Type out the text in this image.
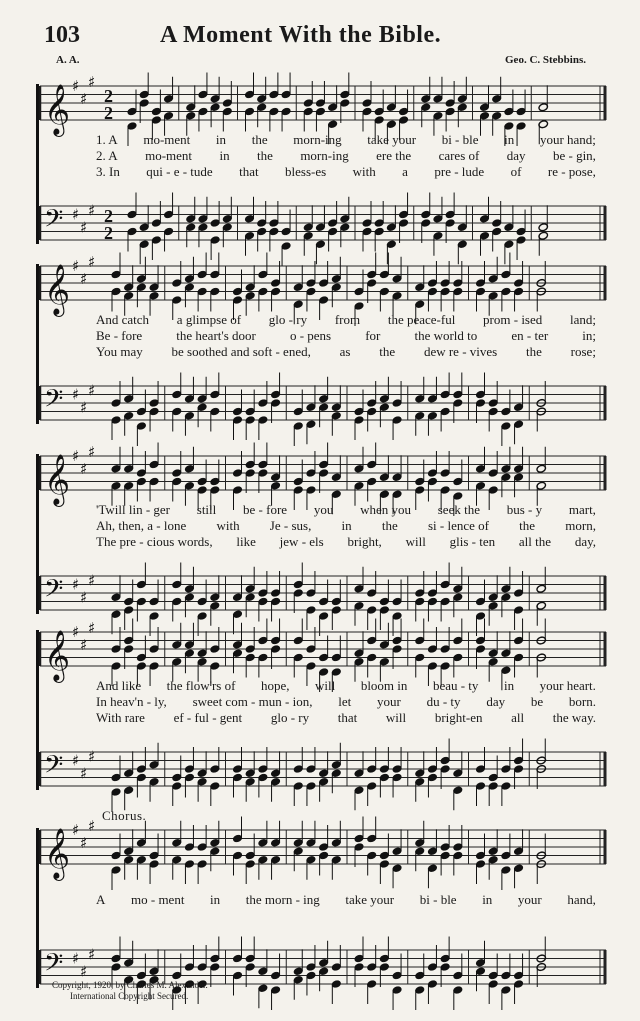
103	A Moment With the Bible.
A. A.	Geo. C. Stebbins.
𝄞 ♯
♯
♯
2
2
𝄢 ♯
♯
♯ 2
2
1. A mo-ment in the morn-ing take your bi - ble in your hand;
2. A mo-ment in the morn-ing ere the cares of day be - gin,
3. In qui - e - tude that bless-es with a pre - lude of re - pose,
𝄞 ♯
♯
♯
𝄢 ♯
♯
♯
And catch a glimpse of glo - ry from the peace-ful prom - ised land;
Be - fore	the heart's door	o - pens	for	the world to	en - ter	in;
You may be soothed and soft - ened, as the dew re - vives the rose;
𝄞 ♯
♯
♯
𝄢 ♯
♯
♯
'Twill lin - ger still be - fore you when you seek the bus - y mart,
Ah, then, a - lone with Je - sus, in the si - lence of the morn,
The pre - cious words, like jew - els bright, will glis - ten all the day,
𝄞 ♯
♯
♯
𝄢 ♯
♯
♯
And like the flow'rs of hope, will bloom in beau - ty in your heart.
In heav'n - ly, sweet com - mun - ion, let your du - ty day be born.
With rare ef - ful - gent glo - ry that will bright-en all the way.
𝄞 ♯
♯
♯
𝄢 ♯
♯
♯
A mo - ment in the morn - ing take your bi - ble in your hand,
Chorus.
Copyright, 1920, by Charles M. Alexander.
International Copyright Secured.
